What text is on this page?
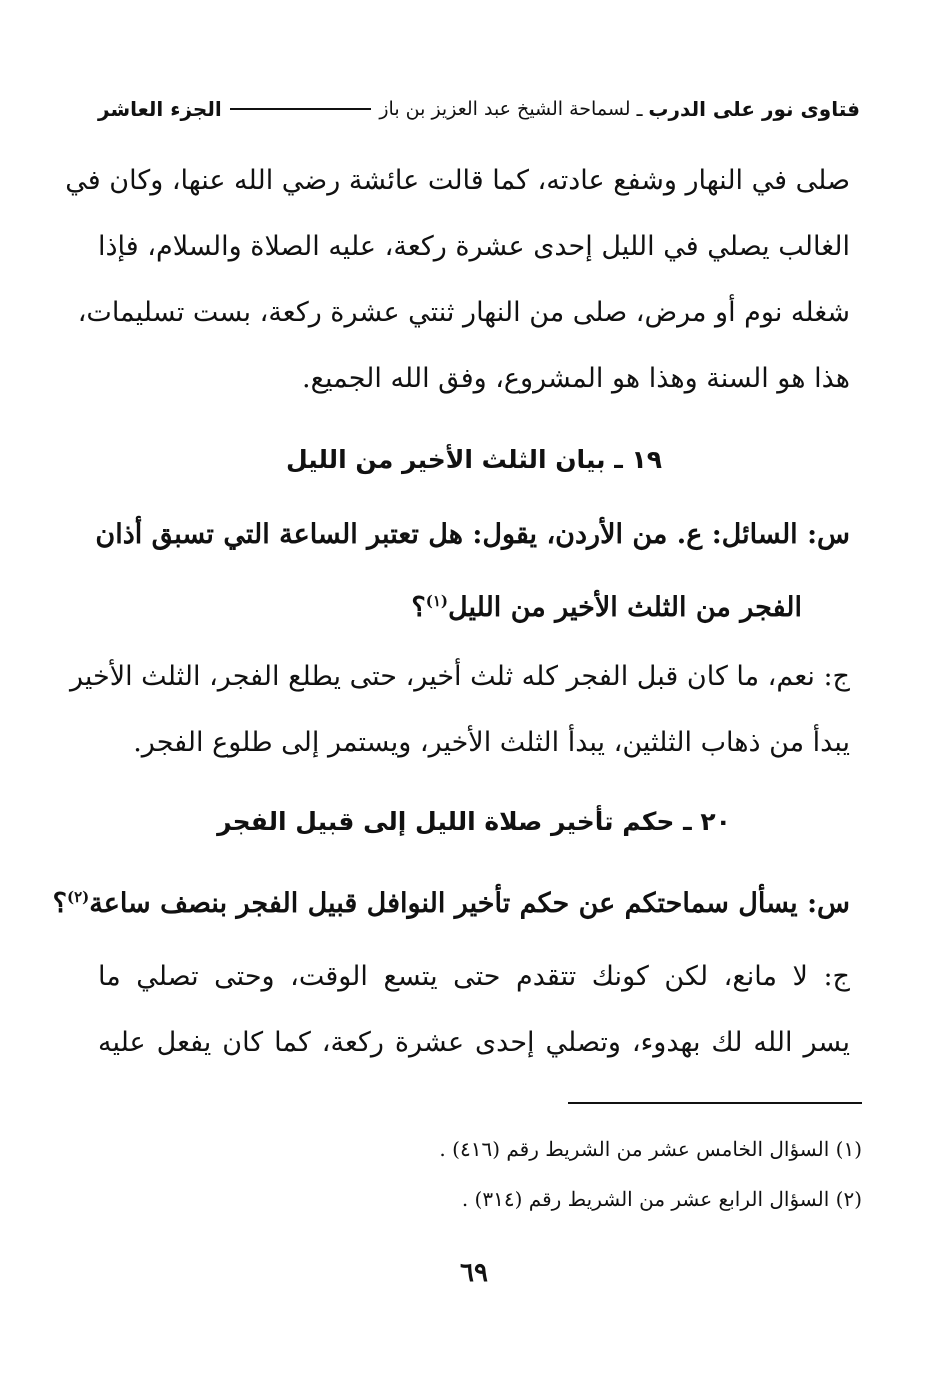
فتاوى نور على الدرب
ـ
لسماحة الشيخ عبد العزيز بن باز
الجزء العاشر
صلى في النهار وشفع عادته، كما قالت عائشة رضي الله عنها، وكان في
الغالب يصلي في الليل إحدى عشرة ركعة، عليه الصلاة والسلام، فإذا
شغله نوم أو مرض، صلى من النهار ثنتي عشرة ركعة، بست تسليمات،
هذا هو السنة وهذا هو المشروع، وفق الله الجميع.
١٩ ـ بيان الثلث الأخير من الليل
س: السائل: ع. من الأردن، يقول: هل تعتبر الساعة التي تسبق أذان
الفجر من الثلث الأخير من الليل$^{(١)}$؟
ج: نعم، ما كان قبل الفجر كله ثلث أخير، حتى يطلع الفجر، الثلث الأخير
يبدأ من ذهاب الثلثين، يبدأ الثلث الأخير، ويستمر إلى طلوع الفجر.
٢٠ ـ حكم تأخير صلاة الليل إلى قبيل الفجر
س: يسأل سماحتكم عن حكم تأخير النوافل قبيل الفجر بنصف ساعة$^{(٢)}$؟
ج: لا مانع، لكن كونك تتقدم حتى يتسع الوقت، وحتى تصلي ما
يسر الله لك بهدوء، وتصلي إحدى عشرة ركعة، كما كان يفعل عليه
(١) السؤال الخامس عشر من الشريط رقم (٤١٦) .
(٢) السؤال الرابع عشر من الشريط رقم (٣١٤) .
٦٩
